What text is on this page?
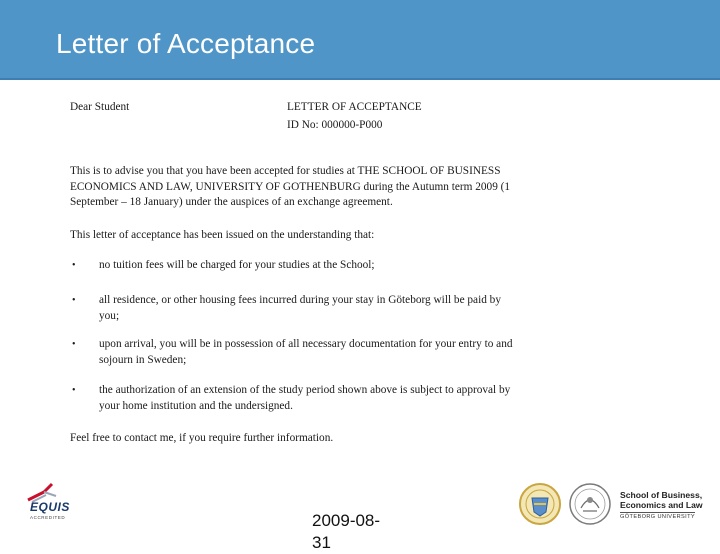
Letter of Acceptance
Dear Student	LETTER OF ACCEPTANCE
ID No: 000000-P000
This is to advise you that you have been accepted for studies at THE SCHOOL OF BUSINESS ECONOMICS AND LAW, UNIVERSITY OF GOTHENBURG during the Autumn term 2009 (1 September – 18 January) under the auspices of an exchange agreement.
This letter of acceptance has been issued on the understanding that:
• no tuition fees will be charged for your studies at the School;
• all residence, or other housing fees incurred during your stay in Göteborg will be paid by you;
• upon arrival, you will be in possession of all necessary documentation for your entry to and sojourn in Sweden;
• the authorization of an extension of the study period shown above is subject to approval by your home institution and the undersigned.
Feel free to contact me, if you require further information.
EQUIS
ACCREDITED	2009-08-31
School of Business,
Economics and Law
GÖTEBORG UNIVERSITY
